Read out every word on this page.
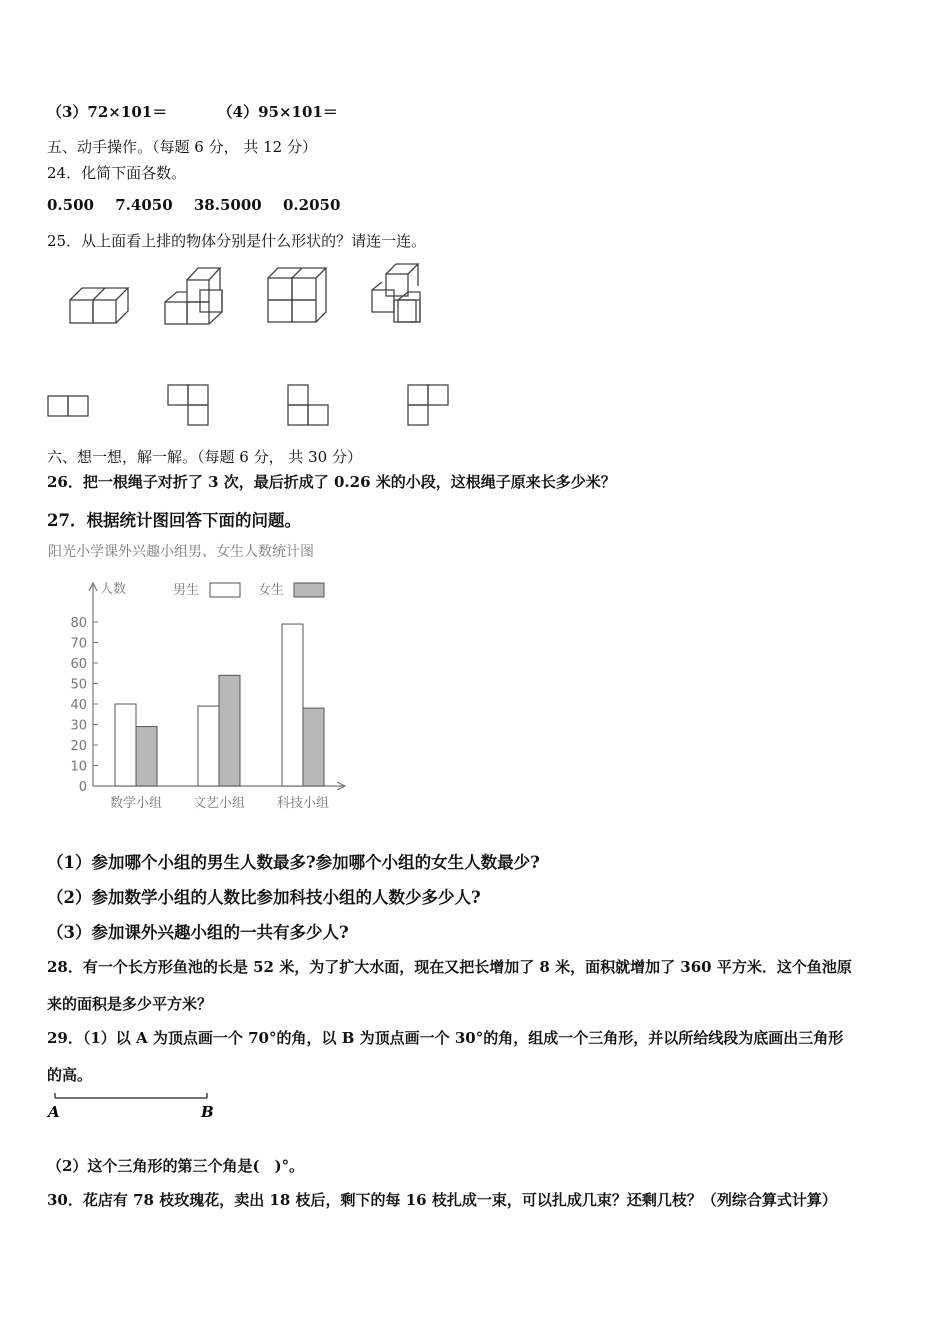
（3）72×101＝	（4）95×101＝
五、动手操作。（每题 6 分， 共 12 分）
24．化简下面各数。
0.500 7.4050 38.5000 0.2050
25．从上面看上排的物体分别是什么形状的？请连一连。
六、想一想，解一解。（每题 6 分， 共 30 分）
26．把一根绳子对折了 3 次，最后折成了 0.26 米的小段，这根绳子原来长多少米？
27．根据统计图回答下面的问题。
阳光小学课外兴趣小组男、女生人数统计图
人数	男生	女生
0
10
20
30
40
50
60
70
80
数学小组 文艺小组 科技小组
（1）参加哪个小组的男生人数最多?参加哪个小组的女生人数最少?
（2）参加数学小组的人数比参加科技小组的人数少多少人?
（3）参加课外兴趣小组的一共有多少人?
28．有一个长方形鱼池的长是 52 米，为了扩大水面，现在又把长增加了 8 米，面积就增加了 360 平方米．这个鱼池原
来的面积是多少平方米？
29．（1）以 A 为顶点画一个 70°的角，以 B 为顶点画一个 30°的角，组成一个三角形，并以所给线段为底画出三角形
的高。
A	B
（2）这个三角形的第三个角是(　)°。
30．花店有 78 枝玫瑰花，卖出 18 枝后，剩下的每 16 枝扎成一束，可以扎成几束？还剩几枝？（列综合算式计算）
